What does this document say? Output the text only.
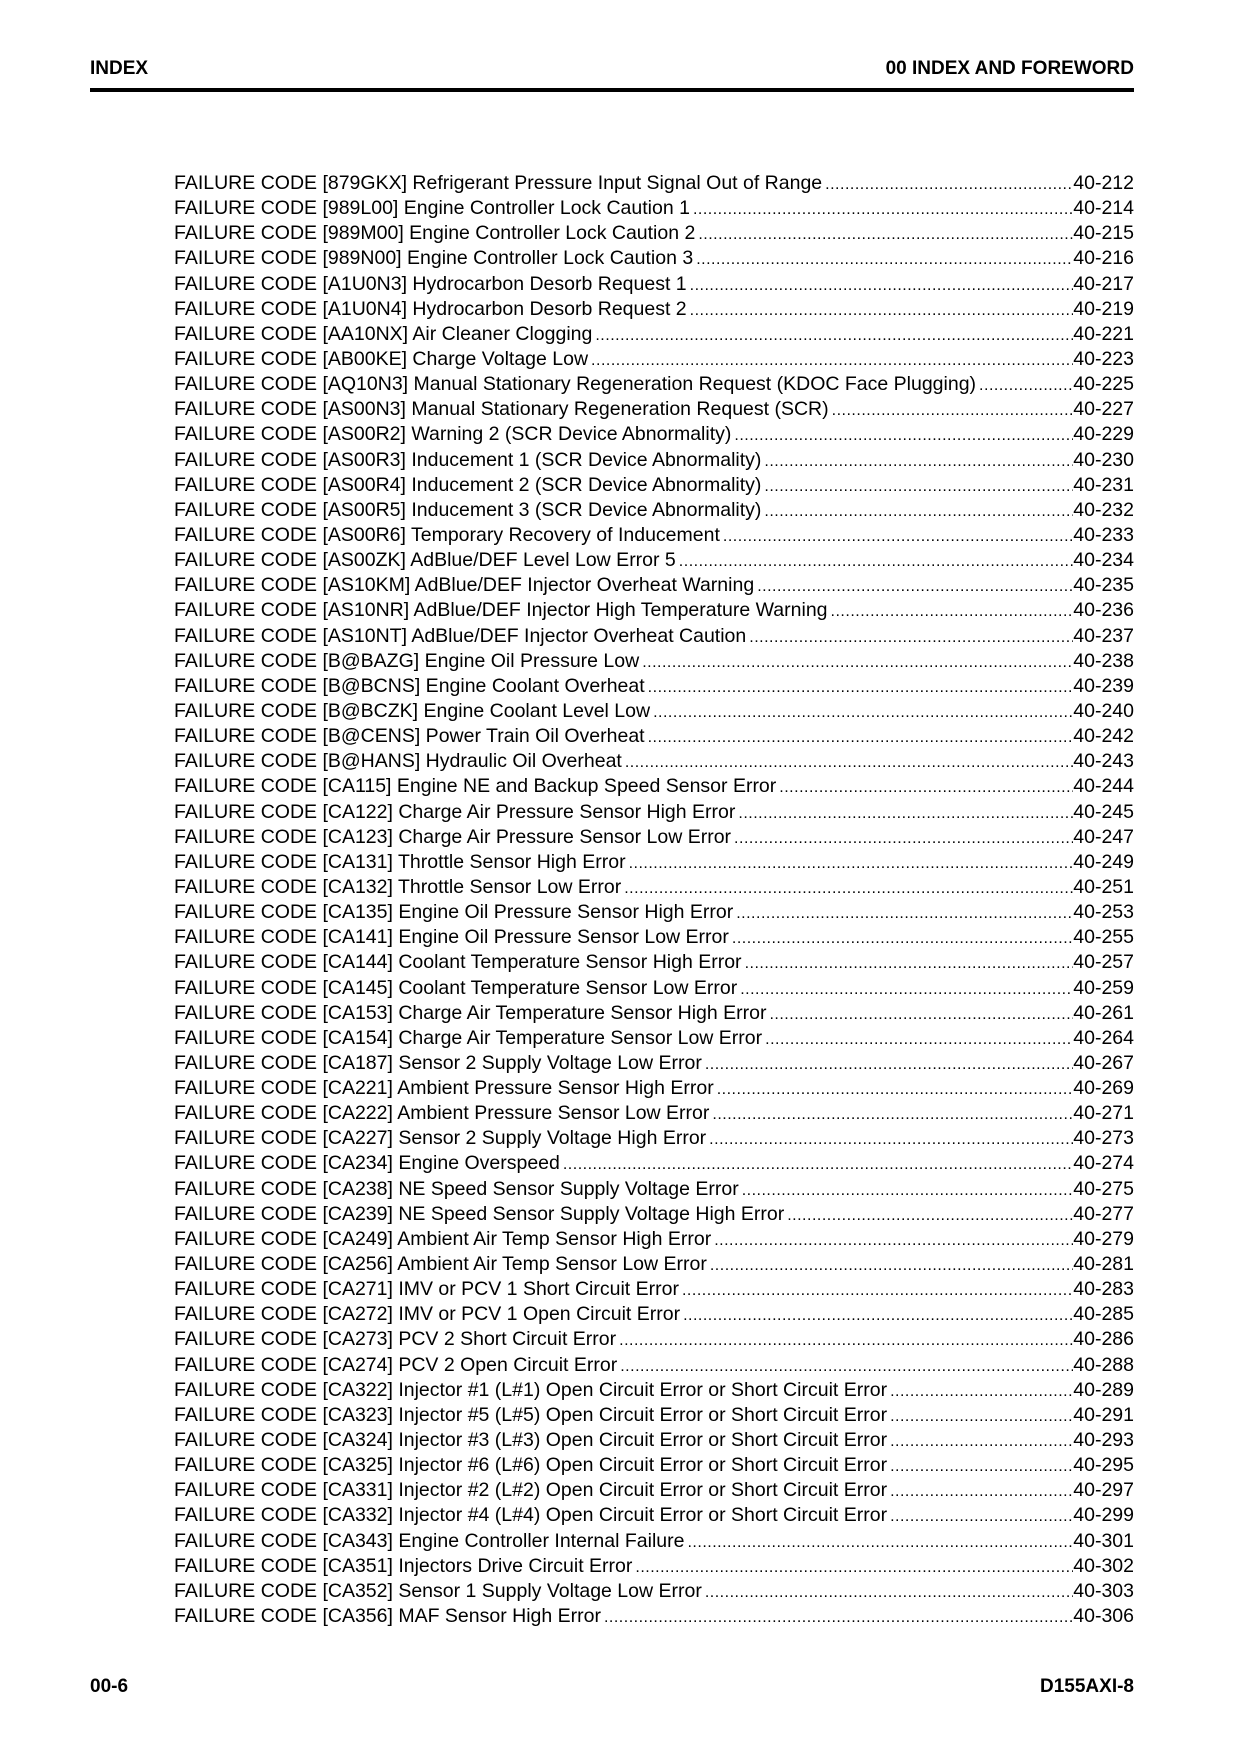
INDEX	00 INDEX AND FOREWORD
FAILURE CODE [879GKX] Refrigerant Pressure Input Signal Out of Range .....	40-212
FAILURE CODE [989L00] Engine Controller Lock Caution 1 .....	40-214
FAILURE CODE [989M00] Engine Controller Lock Caution 2 .....	40-215
FAILURE CODE [989N00] Engine Controller Lock Caution 3 .....	40-216
FAILURE CODE [A1U0N3] Hydrocarbon Desorb Request 1 .....	40-217
FAILURE CODE [A1U0N4] Hydrocarbon Desorb Request 2 .....	40-219
FAILURE CODE [AA10NX] Air Cleaner Clogging .....	40-221
FAILURE CODE [AB00KE] Charge Voltage Low .....	40-223
FAILURE CODE [AQ10N3] Manual Stationary Regeneration Request (KDOC Face Plugging) .....	40-225
FAILURE CODE [AS00N3] Manual Stationary Regeneration Request (SCR) .....	40-227
FAILURE CODE [AS00R2] Warning 2 (SCR Device Abnormality) .....	40-229
FAILURE CODE [AS00R3] Inducement 1 (SCR Device Abnormality) .....	40-230
FAILURE CODE [AS00R4] Inducement 2 (SCR Device Abnormality) .....	40-231
FAILURE CODE [AS00R5] Inducement 3 (SCR Device Abnormality) .....	40-232
FAILURE CODE [AS00R6] Temporary Recovery of Inducement .....	40-233
FAILURE CODE [AS00ZK] AdBlue/DEF Level Low Error 5 .....	40-234
FAILURE CODE [AS10KM] AdBlue/DEF Injector Overheat Warning .....	40-235
FAILURE CODE [AS10NR] AdBlue/DEF Injector High Temperature Warning .....	40-236
FAILURE CODE [AS10NT] AdBlue/DEF Injector Overheat Caution .....	40-237
FAILURE CODE [B@BAZG] Engine Oil Pressure Low .....	40-238
FAILURE CODE [B@BCNS] Engine Coolant Overheat .....	40-239
FAILURE CODE [B@BCZK] Engine Coolant Level Low .....	40-240
FAILURE CODE [B@CENS] Power Train Oil Overheat .....	40-242
FAILURE CODE [B@HANS] Hydraulic Oil Overheat .....	40-243
FAILURE CODE [CA115] Engine NE and Backup Speed Sensor Error .....	40-244
FAILURE CODE [CA122] Charge Air Pressure Sensor High Error .....	40-245
FAILURE CODE [CA123] Charge Air Pressure Sensor Low Error .....	40-247
FAILURE CODE [CA131] Throttle Sensor High Error .....	40-249
FAILURE CODE [CA132] Throttle Sensor Low Error .....	40-251
FAILURE CODE [CA135] Engine Oil Pressure Sensor High Error .....	40-253
FAILURE CODE [CA141] Engine Oil Pressure Sensor Low Error .....	40-255
FAILURE CODE [CA144] Coolant Temperature Sensor High Error .....	40-257
FAILURE CODE [CA145] Coolant Temperature Sensor Low Error .....	40-259
FAILURE CODE [CA153] Charge Air Temperature Sensor High Error .....	40-261
FAILURE CODE [CA154] Charge Air Temperature Sensor Low Error .....	40-264
FAILURE CODE [CA187] Sensor 2 Supply Voltage Low Error .....	40-267
FAILURE CODE [CA221] Ambient Pressure Sensor High Error .....	40-269
FAILURE CODE [CA222] Ambient Pressure Sensor Low Error .....	40-271
FAILURE CODE [CA227] Sensor 2 Supply Voltage High Error .....	40-273
FAILURE CODE [CA234] Engine Overspeed .....	40-274
FAILURE CODE [CA238] NE Speed Sensor Supply Voltage Error .....	40-275
FAILURE CODE [CA239] NE Speed Sensor Supply Voltage High Error .....	40-277
FAILURE CODE [CA249] Ambient Air Temp Sensor High Error .....	40-279
FAILURE CODE [CA256] Ambient Air Temp Sensor Low Error .....	40-281
FAILURE CODE [CA271] IMV or PCV 1 Short Circuit Error .....	40-283
FAILURE CODE [CA272] IMV or PCV 1 Open Circuit Error .....	40-285
FAILURE CODE [CA273] PCV 2 Short Circuit Error .....	40-286
FAILURE CODE [CA274] PCV 2 Open Circuit Error .....	40-288
FAILURE CODE [CA322] Injector #1 (L#1) Open Circuit Error or Short Circuit Error .....	40-289
FAILURE CODE [CA323] Injector #5 (L#5) Open Circuit Error or Short Circuit Error .....	40-291
FAILURE CODE [CA324] Injector #3 (L#3) Open Circuit Error or Short Circuit Error .....	40-293
FAILURE CODE [CA325] Injector #6 (L#6) Open Circuit Error or Short Circuit Error .....	40-295
FAILURE CODE [CA331] Injector #2 (L#2) Open Circuit Error or Short Circuit Error .....	40-297
FAILURE CODE [CA332] Injector #4 (L#4) Open Circuit Error or Short Circuit Error .....	40-299
FAILURE CODE [CA343] Engine Controller Internal Failure .....	40-301
FAILURE CODE [CA351] Injectors Drive Circuit Error .....	40-302
FAILURE CODE [CA352] Sensor 1 Supply Voltage Low Error .....	40-303
FAILURE CODE [CA356] MAF Sensor High Error .....	40-306
00-6	D155AXI-8
